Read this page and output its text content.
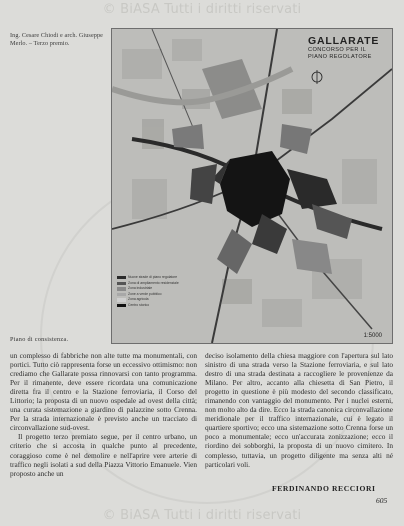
© BiASA Tutti i diritti riservati
Ing. Cesare Chiodi e arch. Giuseppe Merlo. – Terzo premio.	GALLARATE
CONCORSO PER IL
PIANO REGOLATORE
Nuove strade di piano regolatore
Zona di ampliamento residenziale
Zona industriale
Zone a verde pubblico
Zona agricola
Centro storico
1:5000
Piano di consistenza.

un complesso di fabbriche non alte tutte ma monumentali, con portici. Tutto ciò rappresenta forse un eccessivo ottimismo: non crediamo che Gallarate possa rinnovarsi con tanto programma. Per il rimanente, deve essere ricordata una comunicazione diretta fra il centro e la Stazione ferroviaria, il Corso del Littorio; la proposta di un nuovo ospedale ad ovest della città; una curata sistemazione a giardino di palazzine sotto Crenna. Per la strada internazionale è previsto anche un tracciato di circonvallazione sud-ovest.

Il progetto terzo premiato segue, per il centro urbano, un criterio che si accosta in qualche punto al precedente, coraggioso come è nel demolire e nell'aprire vere arterie di traffico negli isolati a sud della Piazza Vittorio Emanuele. Vien proposto anche un

deciso isolamento della chiesa maggiore con l'apertura sul lato sinistro di una strada verso la Stazione ferroviaria, e sul lato destro di una strada destinata a raccogliere le provenienze da Milano. Per altro, accanto alla chiesetta di San Pietro, il progetto in questione è più modesto del secondo classificato, rimanendo con vantaggio del monumento. Per i nuclei esterni, non molto alto da dire. Ecco la strada canonica circonvallazione meridionale per il traffico internazionale, cui è legato il quartiere sportivo; ecco una sistemazione sotto Crenna forse un poco a monumentale; ecco un'accurata zonizzazione; ecco il riordino dei sobborghi, la proposta di un nuovo cimitero. In complesso, tuttavia, un progetto diligente ma senza alti né particolari voli.

FERDINANDO RECCIORI
605
© BiASA Tutti i diritti riservati
